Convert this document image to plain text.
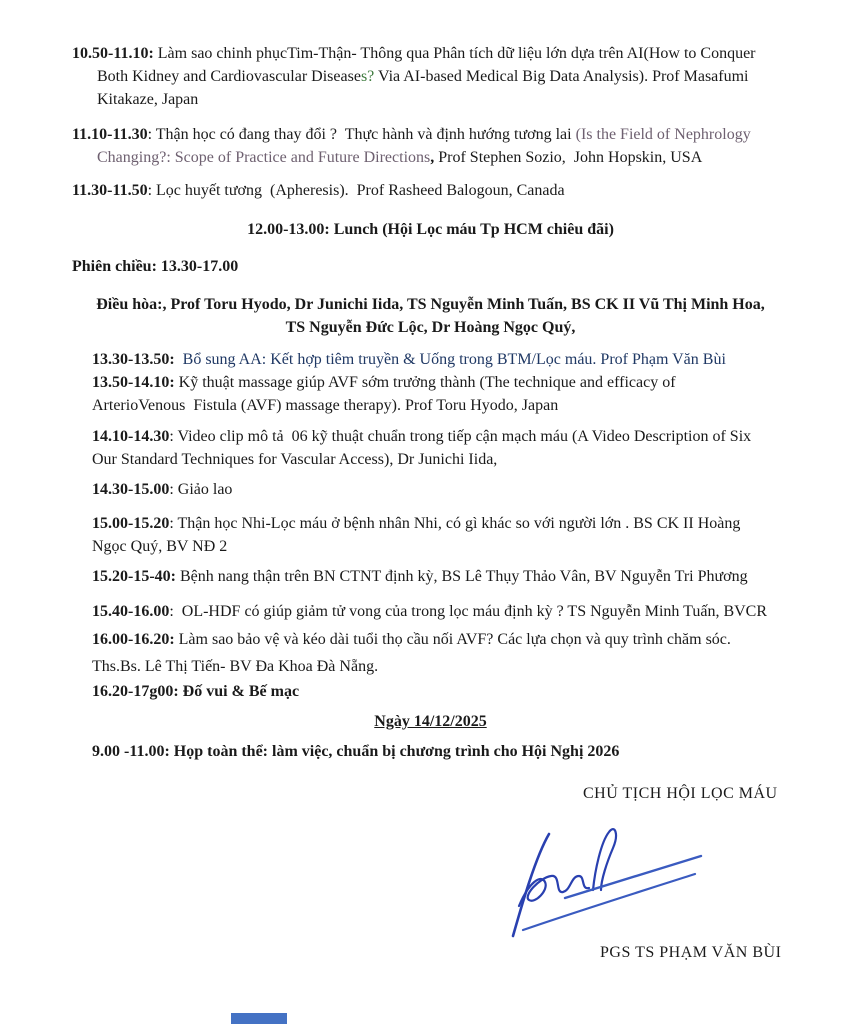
10.50-11.10: Làm sao chinh phụcTim-Thận- Thông qua Phân tích dữ liệu lớn dựa trên AI(How to Conquer
Both Kidney and Cardiovascular Diseases? Via AI-based Medical Big Data Analysis). Prof Masafumi
Kitakaze, Japan
11.10-11.30: Thận học có đang thay đổi ?  Thực hành và định hướng tương lai (Is the Field of Nephrology
Changing?: Scope of Practice and Future Directions, Prof Stephen Sozio,  John Hopskin, USA
11.30-11.50: Lọc huyết tương  (Apheresis).  Prof Rasheed Balogoun, Canada
12.00-13.00: Lunch (Hội Lọc máu Tp HCM chiêu đãi)
Phiên chiều: 13.30-17.00
Điều hòa:, Prof Toru Hyodo, Dr Junichi Iida, TS Nguyễn Minh Tuấn, BS CK II Vũ Thị Minh Hoa,
TS Nguyễn Đức Lộc, Dr Hoàng Ngọc Quý,
13.30-13.50:  Bổ sung AA: Kết hợp tiêm truyền & Uống trong BTM/Lọc máu. Prof Phạm Văn Bùi
13.50-14.10: Kỹ thuật massage giúp AVF sớm trưởng thành (The technique and efficacy of
ArterioVenous  Fistula (AVF) massage therapy). Prof Toru Hyodo, Japan
14.10-14.30: Video clip mô tả  06 kỹ thuật chuẩn trong tiếp cận mạch máu (A Video Description of Six
Our Standard Techniques for Vascular Access), Dr Junichi Iida,
14.30-15.00: Giảo lao
15.00-15.20: Thận học Nhi-Lọc máu ở bệnh nhân Nhi, có gì khác so với người lớn . BS CK II Hoàng
Ngọc Quý, BV NĐ 2
15.20-15-40: Bệnh nang thận trên BN CTNT định kỳ, BS Lê Thụy Thảo Vân, BV Nguyễn Tri Phương
15.40-16.00:  OL-HDF có giúp giảm tử vong của trong lọc máu định kỳ ? TS Nguyễn Minh Tuấn, BVCR
16.00-16.20: Làm sao bảo vệ và kéo dài tuổi thọ cầu nối AVF? Các lựa chọn và quy trình chăm sóc.
Ths.Bs. Lê Thị Tiến- BV Đa Khoa Đà Nẵng.
16.20-17g00: Đố vui & Bế mạc
Ngày 14/12/2025
9.00 -11.00: Họp toàn thể: làm việc, chuẩn bị chương trình cho Hội Nghị 2026
CHỦ TỊCH HỘI LỌC MÁU
PGS TS PHẠM VĂN BÙI
